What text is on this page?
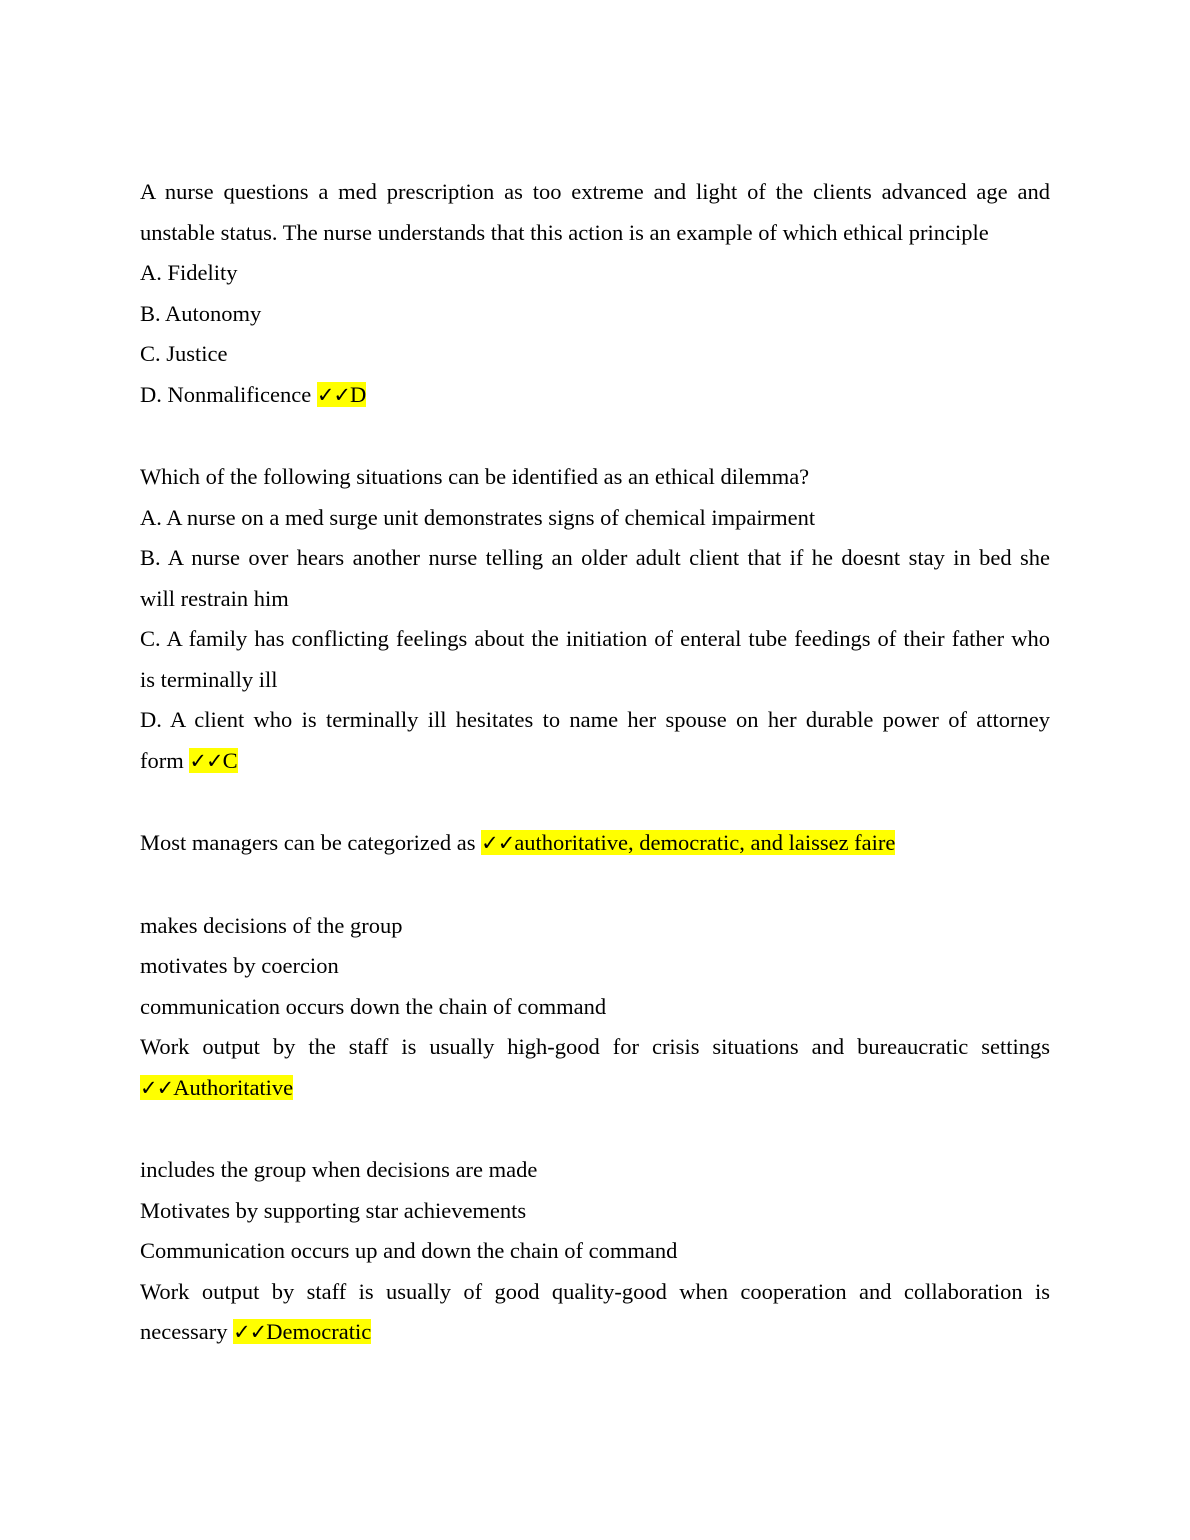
A nurse questions a med prescription as too extreme and light of the clients advanced age and
unstable status. The nurse understands that this action is an example of which ethical principle
A. Fidelity
B. Autonomy
C. Justice
D. Nonmalificence ✓✓D
Which of the following situations can be identified as an ethical dilemma?
A. A nurse on a med surge unit demonstrates signs of chemical impairment
B. A nurse over hears another nurse telling an older adult client that if he doesnt stay in bed she
will restrain him
C. A family has conflicting feelings about the initiation of enteral tube feedings of their father who
is terminally ill
D. A client who is terminally ill hesitates to name her spouse on her durable power of attorney
form ✓✓C
Most managers can be categorized as ✓✓authoritative, democratic, and laissez faire
makes decisions of the group
motivates by coercion
communication occurs down the chain of command
Work output by the staff is usually high-good for crisis situations and bureaucratic settings
✓✓Authoritative
includes the group when decisions are made
Motivates by supporting star achievements
Communication occurs up and down the chain of command
Work output by staff is usually of good quality-good when cooperation and collaboration is
necessary ✓✓Democratic
